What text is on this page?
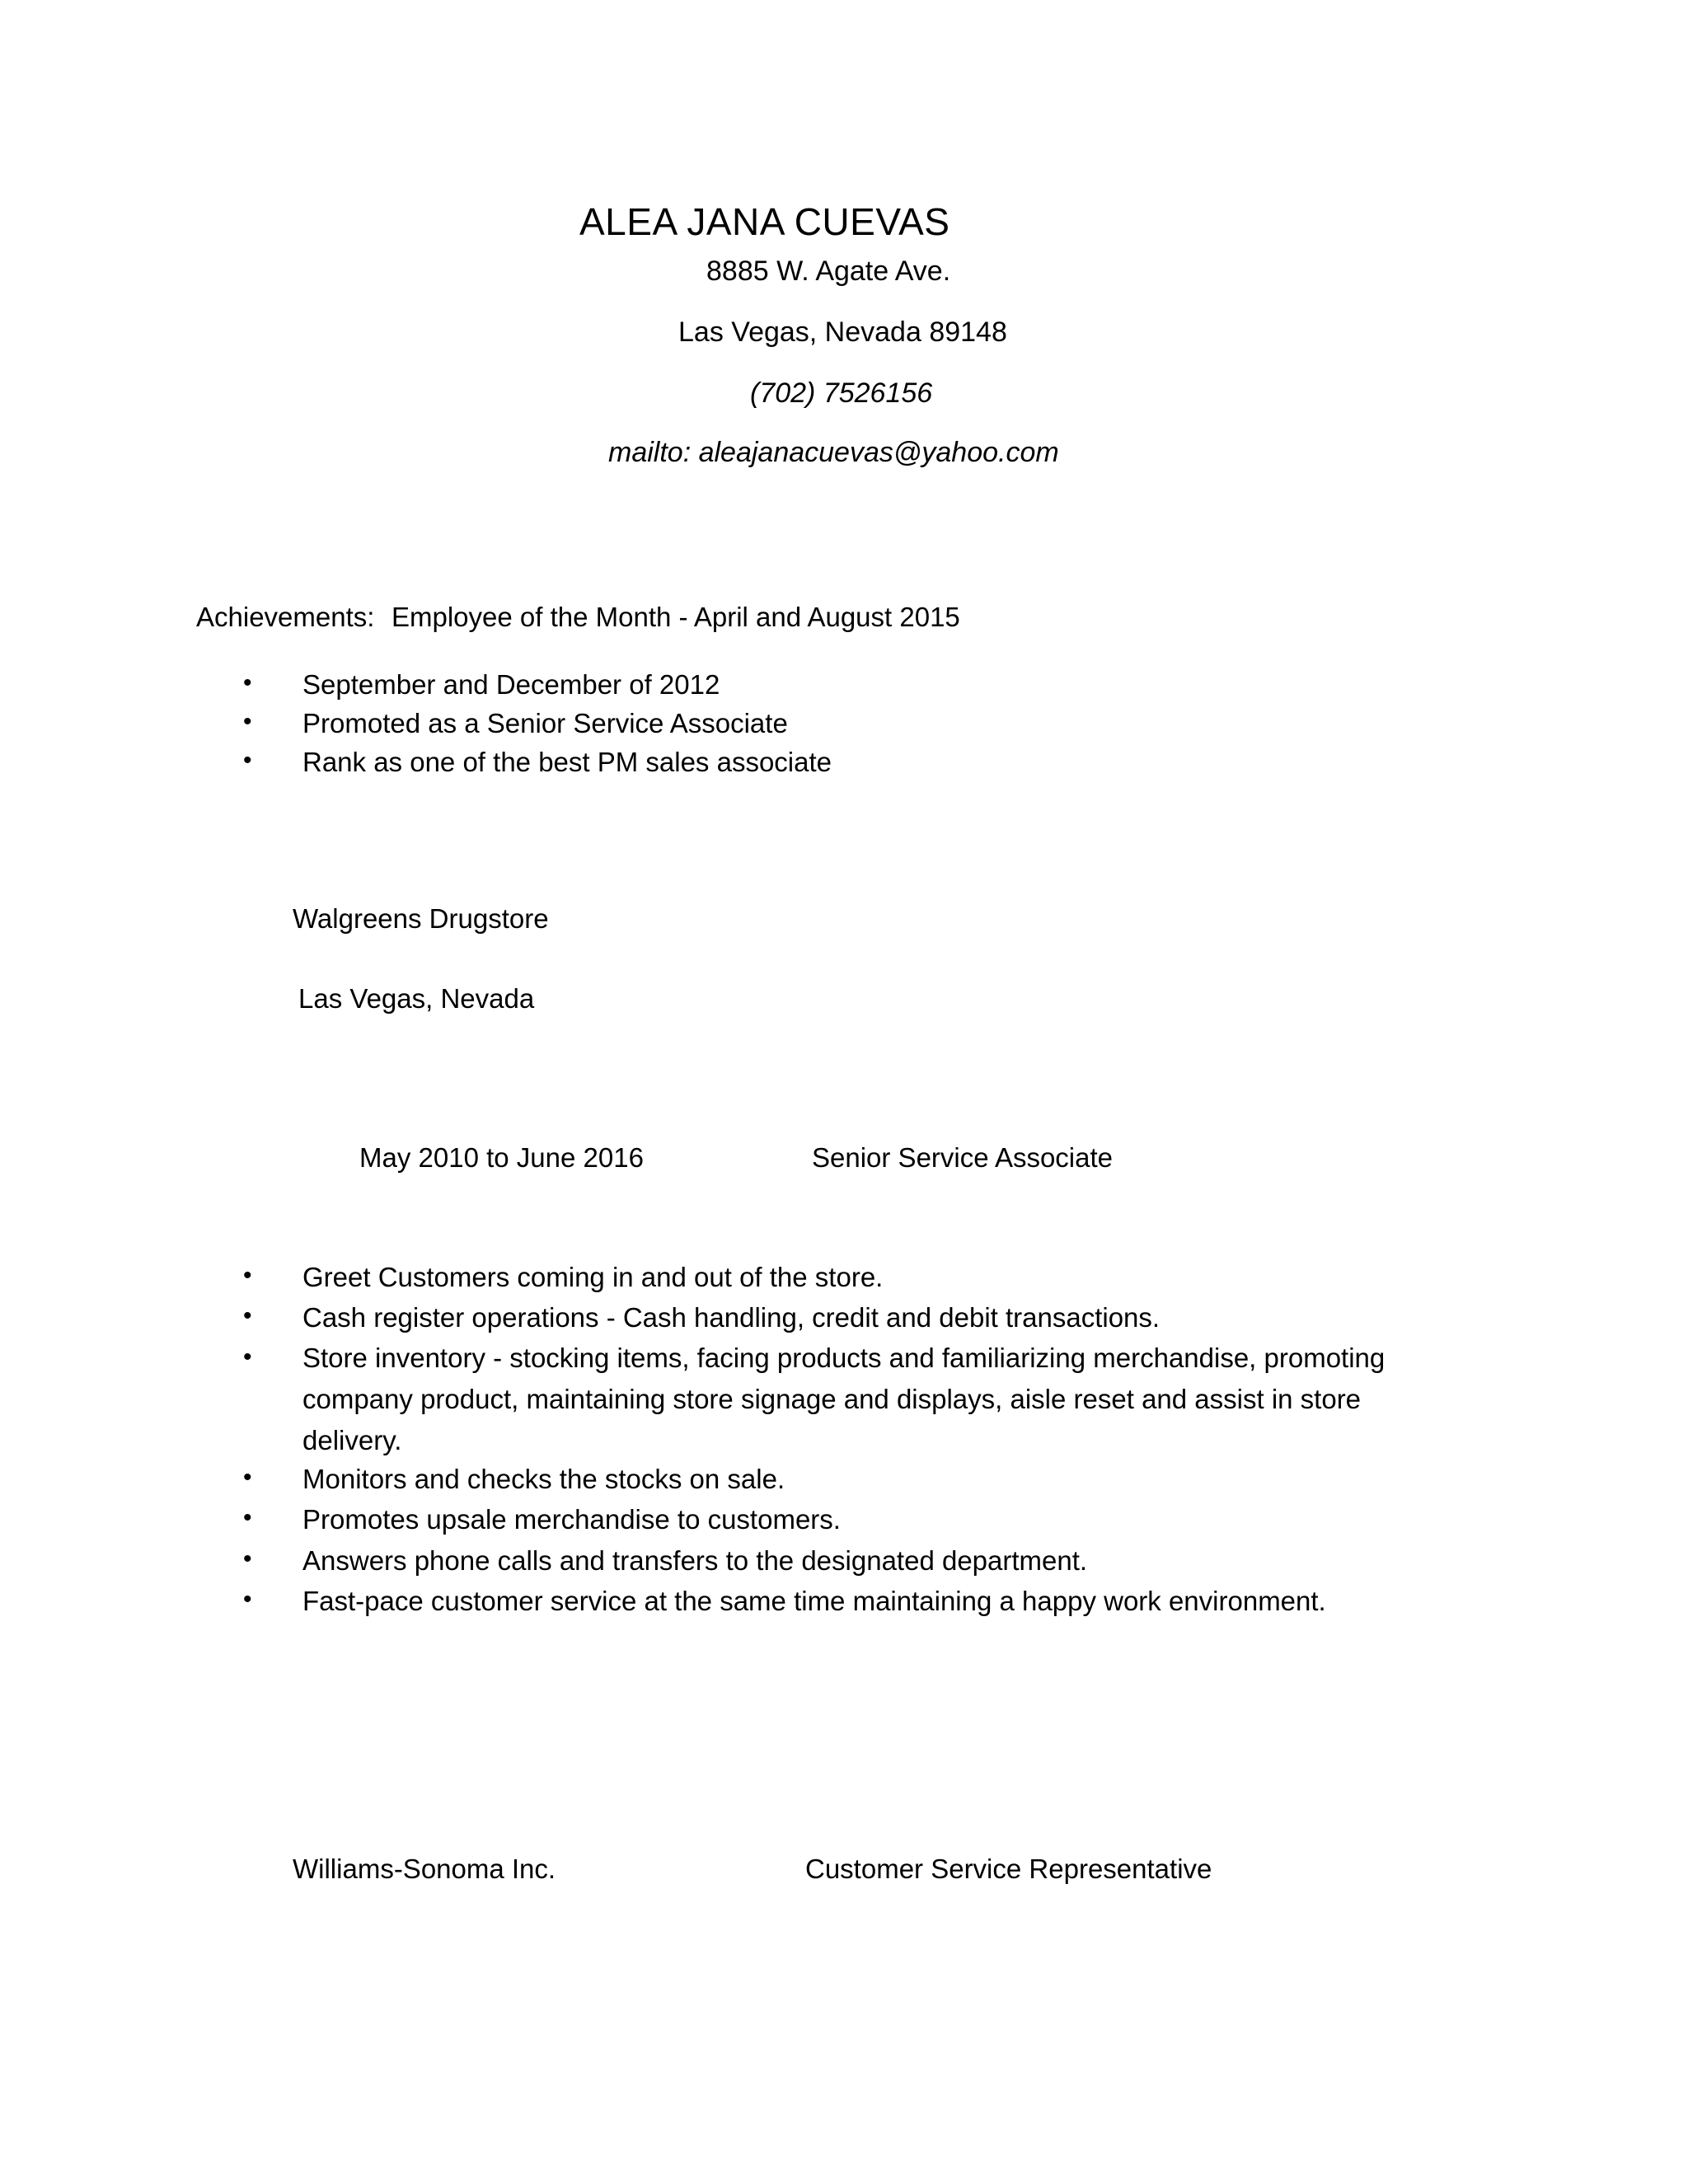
ALEA JANA CUEVAS
8885 W. Agate Ave.
Las Vegas, Nevada 89148
(702) 7526156
mailto: aleajanacuevas@yahoo.com
Achievements: Employee of the Month - April and August 2015
• September and December of 2012
• Promoted as a Senior Service Associate
• Rank as one of the best PM sales associate
Walgreens Drugstore
Las Vegas, Nevada
May 2010 to June 2016	Senior Service Associate
• Greet Customers coming in and out of the store.
• Cash register operations - Cash handling, credit and debit transactions.
• Store inventory - stocking items, facing products and familiarizing merchandise, promoting company product, maintaining store signage and displays, aisle reset and assist in store delivery.
• Monitors and checks the stocks on sale.
• Promotes upsale merchandise to customers.
• Answers phone calls and transfers to the designated department.
• Fast-pace customer service at the same time maintaining a happy work environment.
Williams-Sonoma Inc.	Customer Service Representative
